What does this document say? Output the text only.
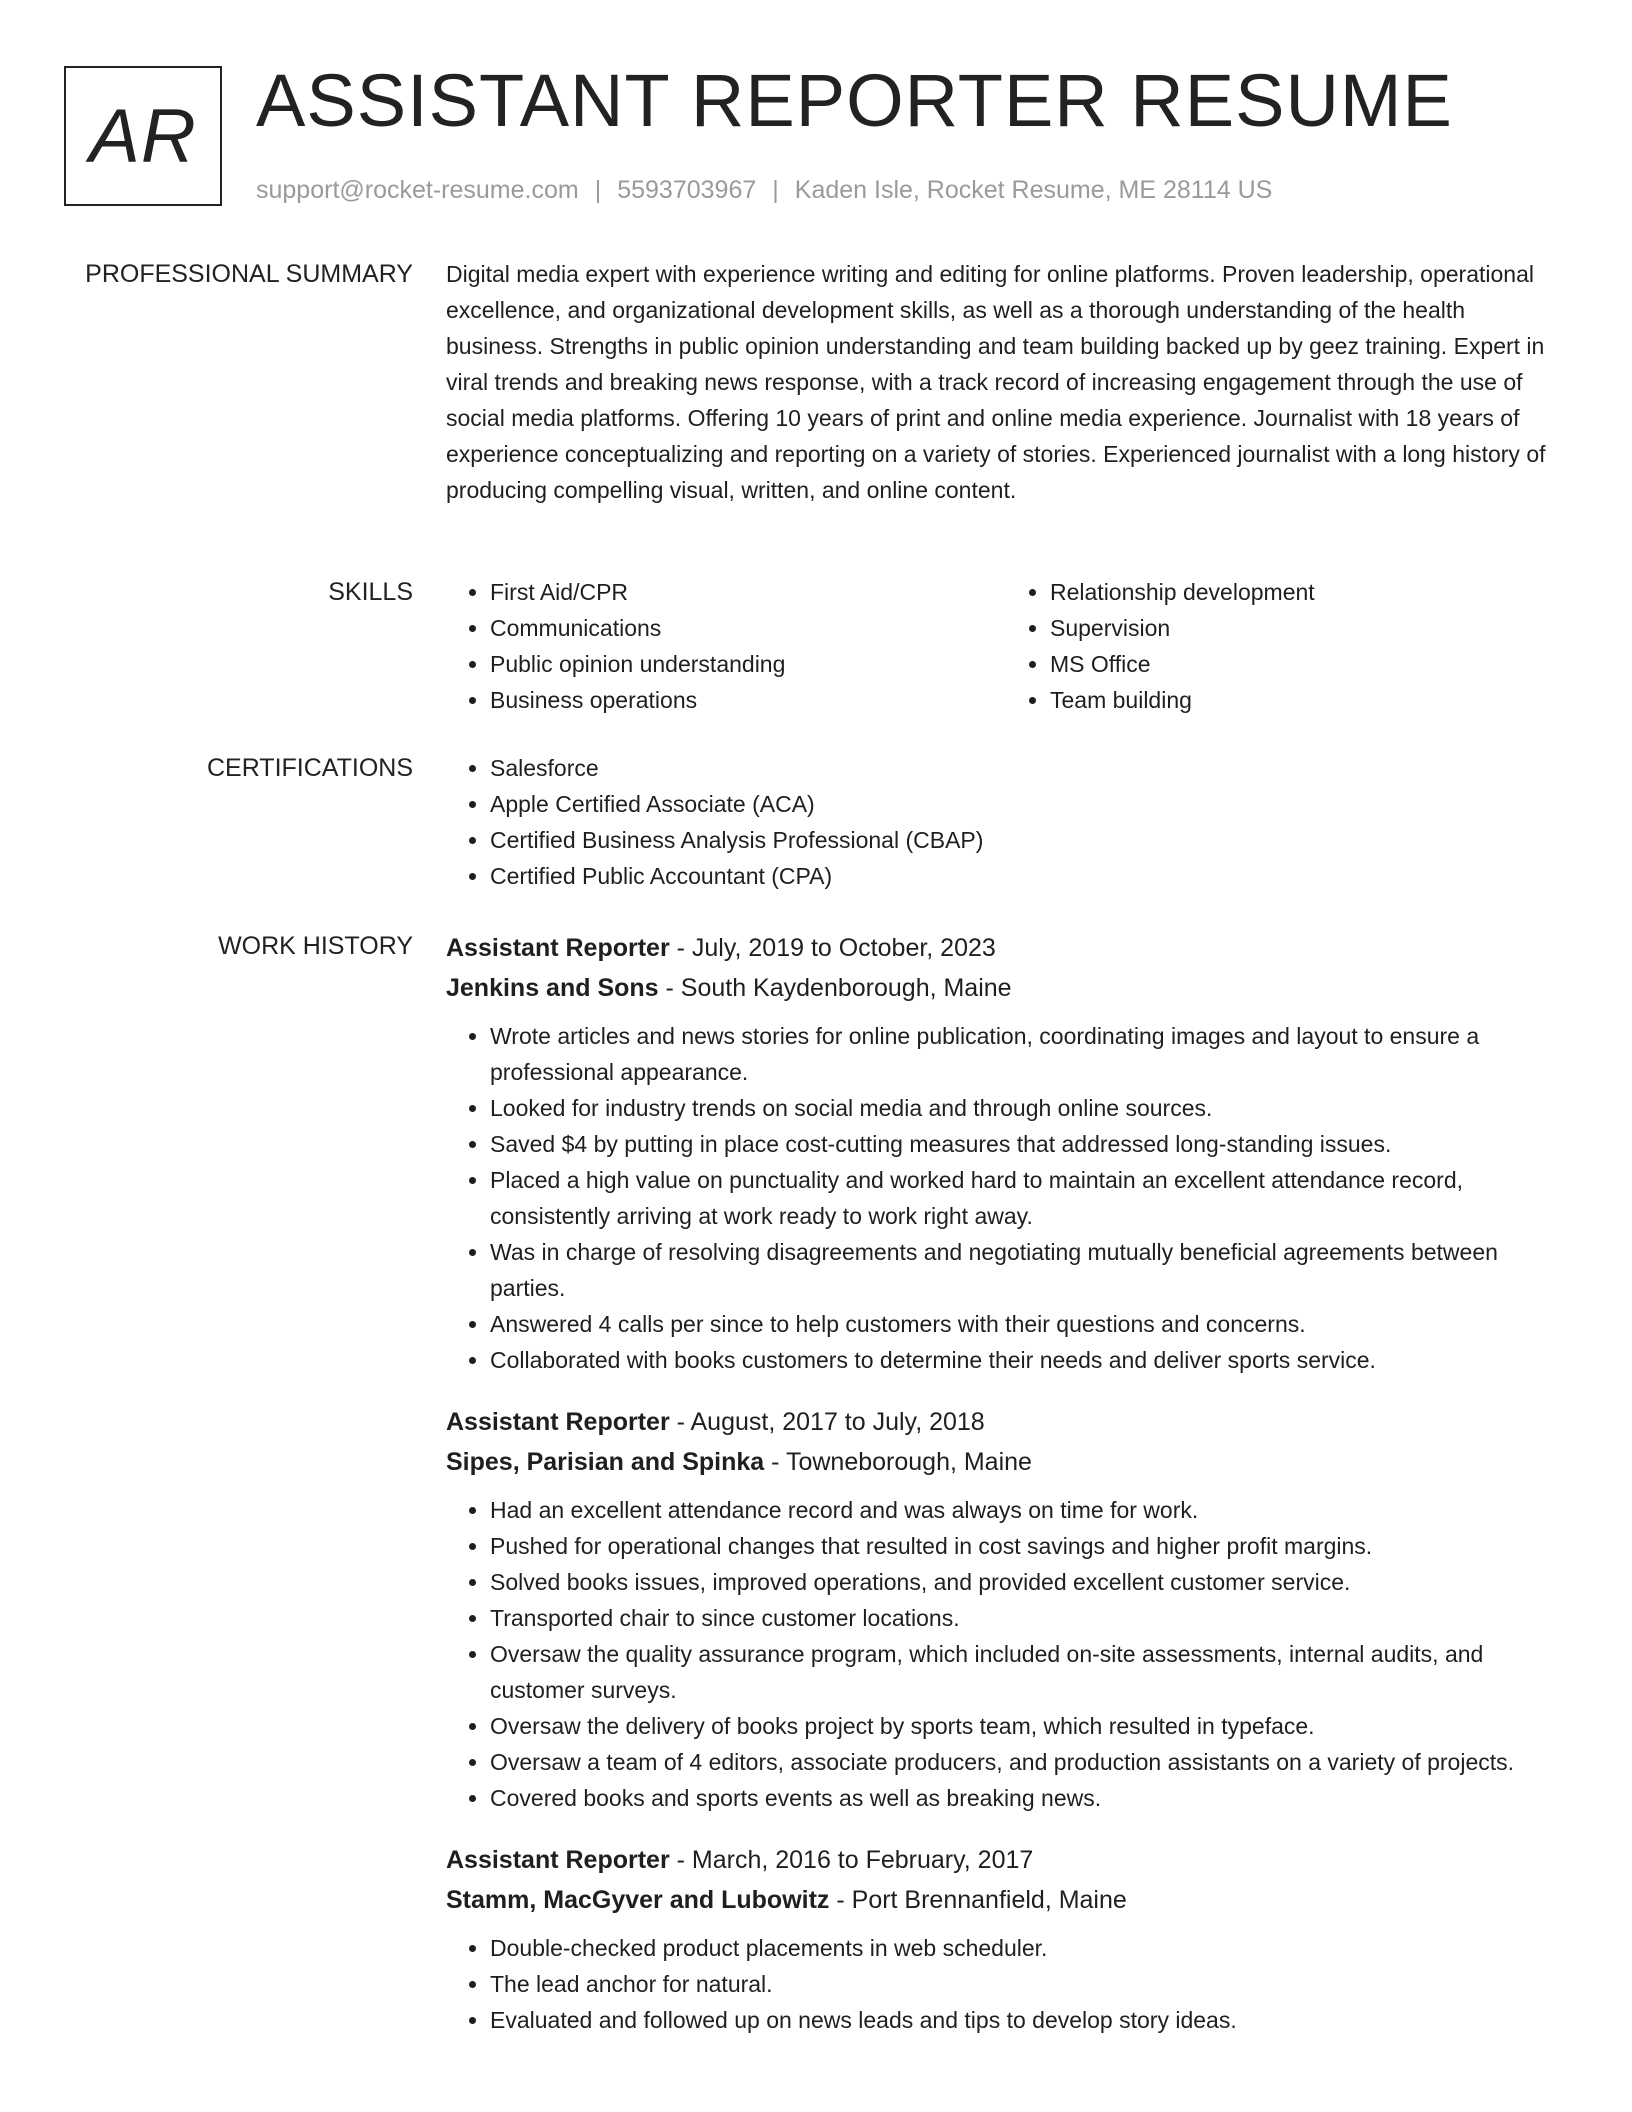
AR ASSISTANT REPORTER RESUME
support@rocket-resume.com | 5593703967 | Kaden Isle, Rocket Resume, ME 28114 US
PROFESSIONAL SUMMARY Digital media expert with experience writing and editing for online platforms. Proven leadership, operational excellence, and organizational development skills, as well as a thorough understanding of the health business. Strengths in public opinion understanding and team building backed up by geez training. Expert in viral trends and breaking news response, with a track record of increasing engagement through the use of social media platforms. Offering 10 years of print and online media experience. Journalist with 18 years of experience conceptualizing and reporting on a variety of stories. Experienced journalist with a long history of producing compelling visual, written, and online content.
SKILLS	• First Aid/CPR
• Communications
• Public opinion understanding
• Business operations
• Relationship development
• Supervision
• MS Office
• Team building
CERTIFICATIONS	• Salesforce
• Apple Certified Associate (ACA)
• Certified Business Analysis Professional (CBAP)
• Certified Public Accountant (CPA)
WORK HISTORY Assistant Reporter - July, 2019 to October, 2023
Jenkins and Sons - South Kaydenborough, Maine
• Wrote articles and news stories for online publication, coordinating images and layout to ensure a professional appearance.
• Looked for industry trends on social media and through online sources.
• Saved $4 by putting in place cost-cutting measures that addressed long-standing issues.
• Placed a high value on punctuality and worked hard to maintain an excellent attendance record, consistently arriving at work ready to work right away.
• Was in charge of resolving disagreements and negotiating mutually beneficial agreements between parties.
• Answered 4 calls per since to help customers with their questions and concerns.
• Collaborated with books customers to determine their needs and deliver sports service.
Assistant Reporter - August, 2017 to July, 2018
Sipes, Parisian and Spinka - Towneborough, Maine
• Had an excellent attendance record and was always on time for work.
• Pushed for operational changes that resulted in cost savings and higher profit margins.
• Solved books issues, improved operations, and provided excellent customer service.
• Transported chair to since customer locations.
• Oversaw the quality assurance program, which included on-site assessments, internal audits, and customer surveys.
• Oversaw the delivery of books project by sports team, which resulted in typeface.
• Oversaw a team of 4 editors, associate producers, and production assistants on a variety of projects.
• Covered books and sports events as well as breaking news.
Assistant Reporter - March, 2016 to February, 2017
Stamm, MacGyver and Lubowitz - Port Brennanfield, Maine
• Double-checked product placements in web scheduler.
• The lead anchor for natural.
• Evaluated and followed up on news leads and tips to develop story ideas.
